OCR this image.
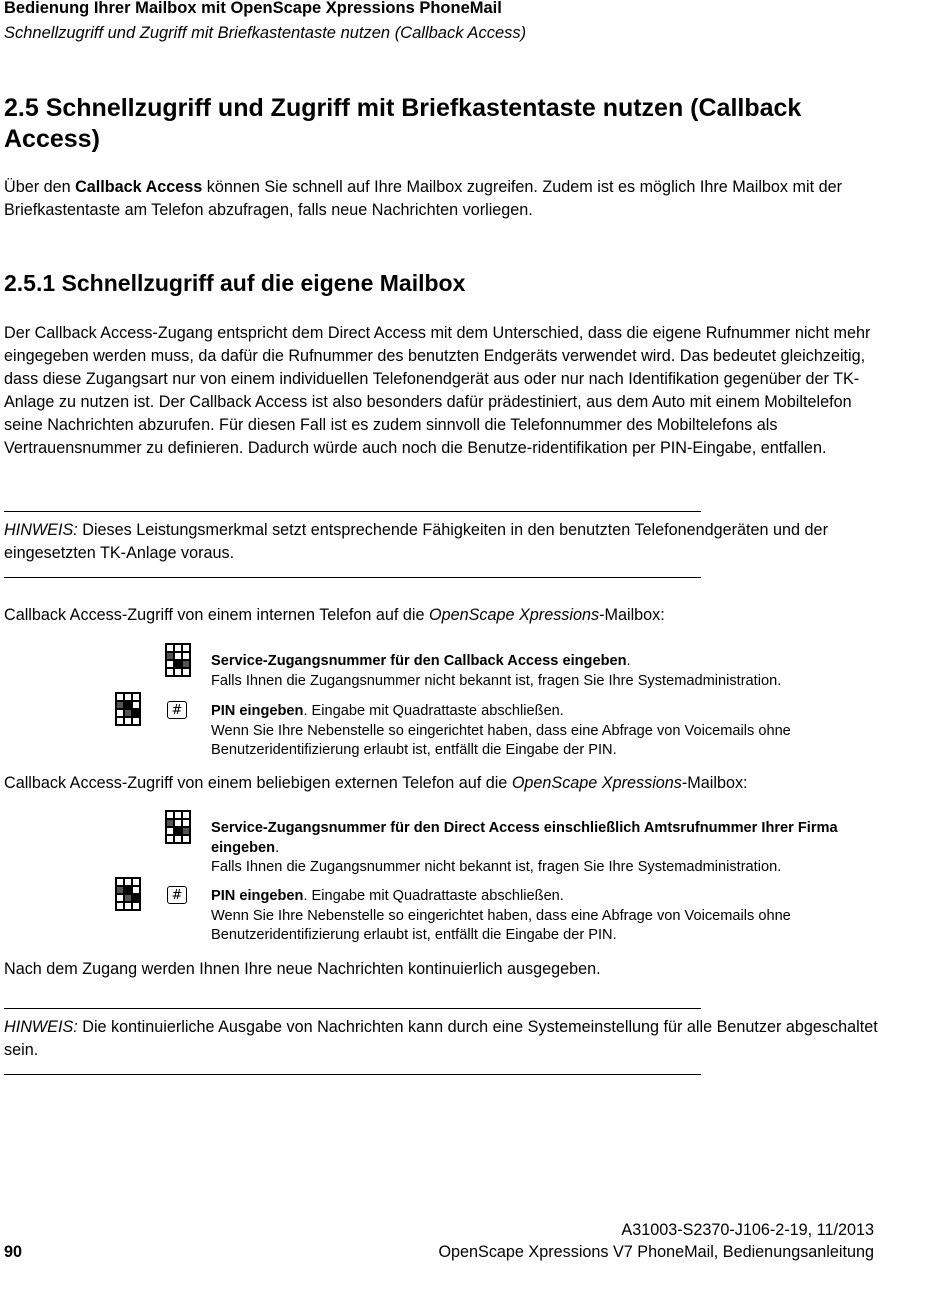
Bedienung Ihrer Mailbox mit OpenScape Xpressions PhoneMail
Schnellzugriff und Zugriff mit Briefkastentaste nutzen (Callback Access)
2.5 Schnellzugriff und Zugriff mit Briefkastentaste nutzen (Callback Access)
Über den Callback Access können Sie schnell auf Ihre Mailbox zugreifen. Zudem ist es möglich Ihre Mailbox mit der Briefkastentaste am Telefon abzufragen, falls neue Nachrichten vorliegen.
2.5.1 Schnellzugriff auf die eigene Mailbox
Der Callback Access-Zugang entspricht dem Direct Access mit dem Unterschied, dass die eigene Rufnummer nicht mehr eingegeben werden muss, da dafür die Rufnummer des benutzten Endgeräts verwendet wird. Das bedeutet gleichzeitig, dass diese Zugangsart nur von einem individuellen Telefonendgerät aus oder nur nach Identifikation gegenüber der TK-Anlage zu nutzen ist. Der Callback Access ist also besonders dafür prädestiniert, aus dem Auto mit einem Mobiltelefon seine Nachrichten abzurufen. Für diesen Fall ist es zudem sinnvoll die Telefonnummer des Mobiltelefons als Vertrauensnummer zu definieren. Dadurch würde auch noch die Benutze-ridentifikation per PIN-Eingabe, entfallen.
HINWEIS: Dieses Leistungsmerkmal setzt entsprechende Fähigkeiten in den benutzten Telefonendgeräten und der eingesetzten TK-Anlage voraus.
Callback Access-Zugriff von einem internen Telefon auf die OpenScape Xpressions-Mailbox:
Service-Zugangsnummer für den Callback Access eingeben.
Falls Ihnen die Zugangsnummer nicht bekannt ist, fragen Sie Ihre Systemadministration.
#	PIN eingeben. Eingabe mit Quadrattaste abschließen.
Wenn Sie Ihre Nebenstelle so eingerichtet haben, dass eine Abfrage von Voicemails ohne Benutzeridentifizierung erlaubt ist, entfällt die Eingabe der PIN.
Callback Access-Zugriff von einem beliebigen externen Telefon auf die OpenScape Xpressions-Mailbox:
Service-Zugangsnummer für den Direct Access einschließlich Amtsrufnummer Ihrer Firma eingeben.
Falls Ihnen die Zugangsnummer nicht bekannt ist, fragen Sie Ihre Systemadministration.
#	PIN eingeben. Eingabe mit Quadrattaste abschließen.
Wenn Sie Ihre Nebenstelle so eingerichtet haben, dass eine Abfrage von Voicemails ohne Benutzeridentifizierung erlaubt ist, entfällt die Eingabe der PIN.
Nach dem Zugang werden Ihnen Ihre neue Nachrichten kontinuierlich ausgegeben.
HINWEIS: Die kontinuierliche Ausgabe von Nachrichten kann durch eine Systemeinstellung für alle Benutzer abgeschaltet sein.
A31003-S2370-J106-2-19, 11/2013
90	OpenScape Xpressions V7 PhoneMail, Bedienungsanleitung
